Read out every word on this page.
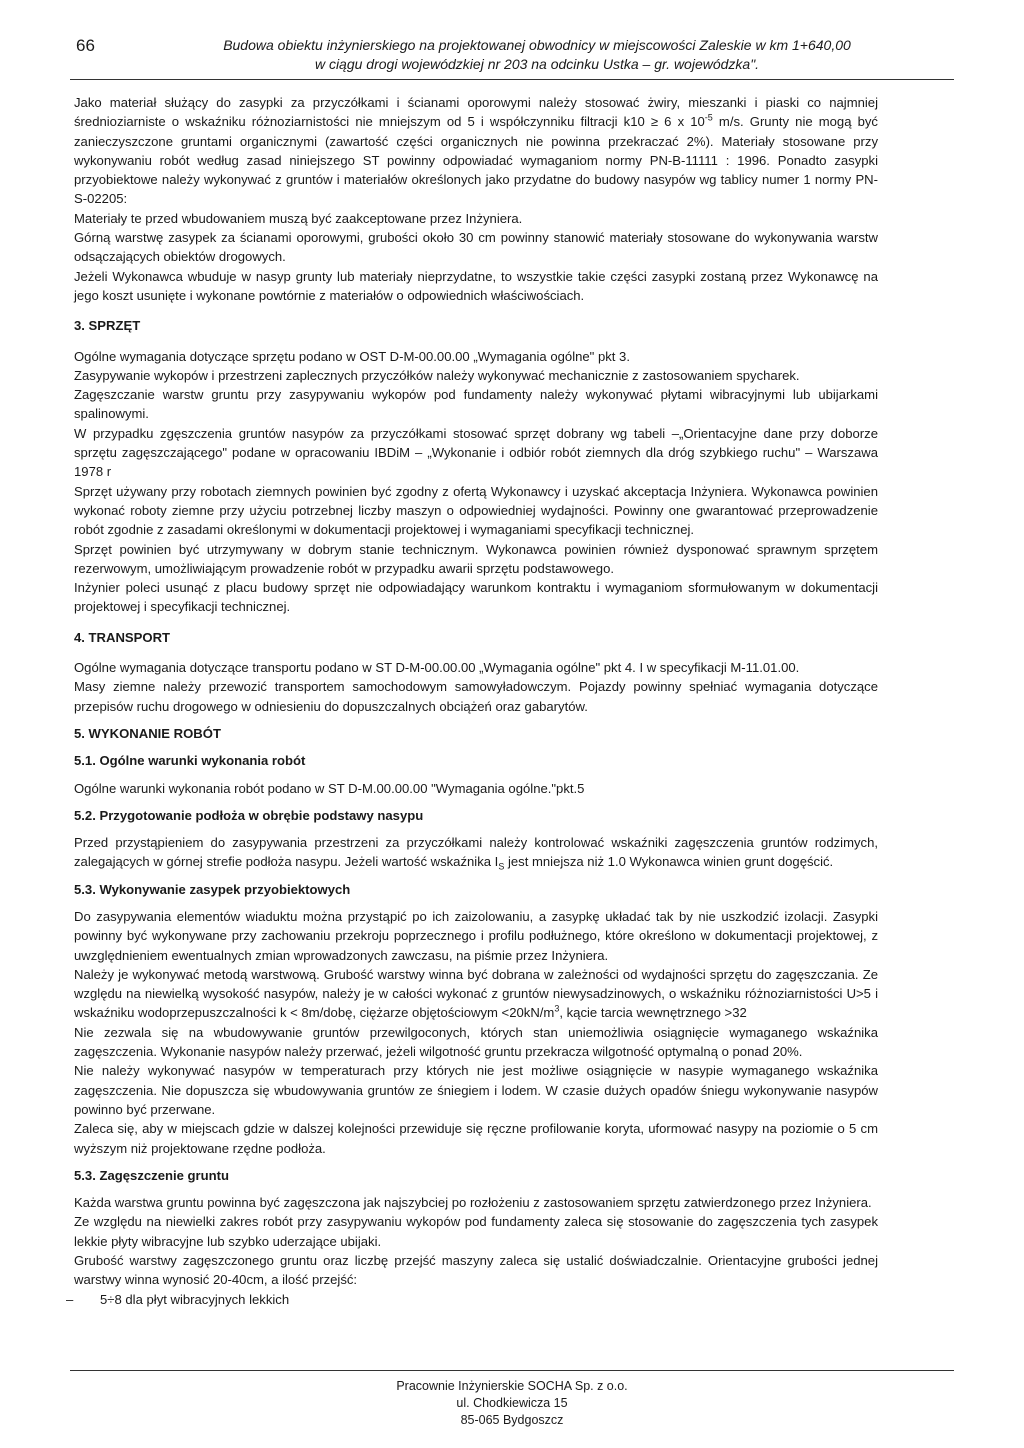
66	Budowa obiektu inżynierskiego na projektowanej obwodnicy w miejscowości Zaleskie w km 1+640,00
w ciągu drogi wojewódzkiej nr 203 na odcinku Ustka – gr. wojewódzka".

Jako materiał służący do zasypki za przyczółkami i ścianami oporowymi należy stosować żwiry, mieszanki i piaski co najmniej średnioziarniste o wskaźniku różnoziarnistości nie mniejszym od 5 i współczynniku filtracji k10 ≥ 6 x $10^{-5}$ m/s. Grunty nie mogą być zanieczyszczone gruntami organicznymi (zawartość części organicznych nie powinna przekraczać 2%). Materiały stosowane przy wykonywaniu robót według zasad niniejszego ST powinny odpowiadać wymaganiom normy PN-B-11111 : 1996. Ponadto zasypki przyobiektowe należy wykonywać z gruntów i materiałów określonych jako przydatne do budowy nasypów wg tablicy numer 1 normy PN-S-02205:

Materiały te przed wbudowaniem muszą być zaakceptowane przez Inżyniera.

Górną warstwę zasypek za ścianami oporowymi, grubości około 30 cm powinny stanowić materiały stosowane do wykonywania warstw odsączających obiektów drogowych.

Jeżeli Wykonawca wbuduje w nasyp grunty lub materiały nieprzydatne, to wszystkie takie części zasypki zostaną przez Wykonawcę na jego koszt usunięte i wykonane powtórnie z materiałów o odpowiednich właściwościach.

3. SPRZĘT

Ogólne wymagania dotyczące sprzętu podano w OST D-M-00.00.00 „Wymagania ogólne" pkt 3.

Zasypywanie wykopów i przestrzeni zaplecznych przyczółków należy wykonywać mechanicznie z zastosowaniem spycharek.

Zagęszczanie warstw gruntu przy zasypywaniu wykopów pod fundamenty należy wykonywać płytami wibracyjnymi lub ubijarkami spalinowymi.

W przypadku zgęszczenia gruntów nasypów za przyczółkami stosować sprzęt dobrany wg tabeli –„Orientacyjne dane przy doborze sprzętu zagęszczającego" podane w opracowaniu IBDiM – „Wykonanie i odbiór robót ziemnych dla dróg szybkiego ruchu" – Warszawa 1978 r

Sprzęt używany przy robotach ziemnych powinien być zgodny z ofertą Wykonawcy i uzyskać akceptacja Inżyniera. Wykonawca powinien wykonać roboty ziemne przy użyciu potrzebnej liczby maszyn o odpowiedniej wydajności. Powinny one gwarantować przeprowadzenie robót zgodnie z zasadami określonymi w dokumentacji projektowej i wymaganiami specyfikacji technicznej.

Sprzęt powinien być utrzymywany w dobrym stanie technicznym. Wykonawca powinien również dysponować sprawnym sprzętem rezerwowym, umożliwiającym prowadzenie robót w przypadku awarii sprzętu podstawowego.

Inżynier poleci usunąć z placu budowy sprzęt nie odpowiadający warunkom kontraktu i wymaganiom sformułowanym w dokumentacji projektowej i specyfikacji technicznej.

4. TRANSPORT

Ogólne wymagania dotyczące transportu podano w ST D-M-00.00.00 „Wymagania ogólne" pkt 4. I w specyfikacji M-11.01.00.

Masy ziemne należy przewozić transportem samochodowym samowyładowczym. Pojazdy powinny spełniać wymagania dotyczące przepisów ruchu drogowego w odniesieniu do dopuszczalnych obciążeń oraz gabarytów.

5. WYKONANIE ROBÓT
5.1. Ogólne warunki wykonania robót

Ogólne warunki wykonania robót podano w ST D-M.00.00.00 "Wymagania ogólne."pkt.5

5.2. Przygotowanie podłoża w obrębie podstawy nasypu

Przed przystąpieniem do zasypywania przestrzeni za przyczółkami należy kontrolować wskaźniki zagęszczenia gruntów rodzimych, zalegających w górnej strefie podłoża nasypu. Jeżeli wartość wskaźnika $I_S$ jest mniejsza niż 1.0 Wykonawca winien grunt dogęścić.

5.3. Wykonywanie zasypek przyobiektowych

Do zasypywania elementów wiaduktu można przystąpić po ich zaizolowaniu, a zasypkę układać tak by nie uszkodzić izolacji. Zasypki powinny być wykonywane przy zachowaniu przekroju poprzecznego i profilu podłużnego, które określono w dokumentacji projektowej, z uwzględnieniem ewentualnych zmian wprowadzonych zawczasu, na piśmie przez Inżyniera.

Należy je wykonywać metodą warstwową. Grubość warstwy winna być dobrana w zależności od wydajności sprzętu do zagęszczania. Ze względu na niewielką wysokość nasypów, należy je w całości wykonać z gruntów niewysadzinowych, o wskaźniku różnoziarnistości U>5 i wskaźniku wodoprzepuszczalności k < 8m/dobę, ciężarze objętościowym $<20kN/m^3$, kącie tarcia wewnętrznego >32

Nie zezwala się na wbudowywanie gruntów przewilgoconych, których stan uniemożliwia osiągnięcie wymaganego wskaźnika zagęszczenia. Wykonanie nasypów należy przerwać, jeżeli wilgotność gruntu przekracza wilgotność optymalną o ponad 20%.

Nie należy wykonywać nasypów w temperaturach przy których nie jest możliwe osiągnięcie w nasypie wymaganego wskaźnika zagęszczenia. Nie dopuszcza się wbudowywania gruntów ze śniegiem i lodem. W czasie dużych opadów śniegu wykonywanie nasypów powinno być przerwane.

Zaleca się, aby w miejscach gdzie w dalszej kolejności przewiduje się ręczne profilowanie koryta, uformować nasypy na poziomie o 5 cm wyższym niż projektowane rzędne podłoża.

5.3. Zagęszczenie gruntu

Każda warstwa gruntu powinna być zagęszczona jak najszybciej po rozłożeniu z zastosowaniem sprzętu zatwierdzonego przez Inżyniera.

Ze względu na niewielki zakres robót przy zasypywaniu wykopów pod fundamenty zaleca się stosowanie do zagęszczenia tych zasypek lekkie płyty wibracyjne lub szybko uderzające ubijaki.

Grubość warstwy zagęszczonego gruntu oraz liczbę przejść maszyny zaleca się ustalić doświadczalnie. Orientacyjne grubości jednej warstwy winna wynosić 20-40cm, a ilość przejść:

–	5÷8 dla płyt wibracyjnych lekkich
Pracownie Inżynierskie SOCHA Sp. z o.o.
ul. Chodkiewicza 15
85-065 Bydgoszcz
